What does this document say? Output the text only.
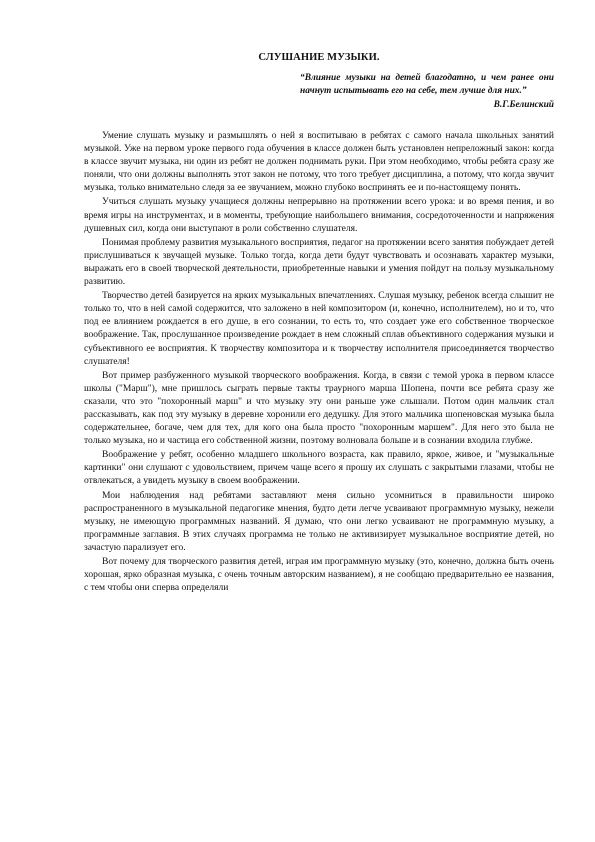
СЛУШАНИЕ МУЗЫКИ.
“Влияние музыки на детей благодатно, и чем ранее они начнут испытывать его на себе, тем лучше для них.”
В.Г.Белинский

Умение слушать музыку и размышлять о ней я воспитываю в ребятах с самого начала школьных занятий музыкой. Уже на первом уроке первого года обучения в классе должен быть установлен непреложный закон: когда в классе звучит музыка, ни один из ребят не должен поднимать руки. При этом необходимо, чтобы ребята сразу же поняли, что они должны выполнять этот закон не потому, что того требует дисциплина, а потому, что когда звучит музыка, только внимательно следя за ее звучанием, можно глубоко воспринять ее и по-настоящему понять.

Учиться слушать музыку учащиеся должны непрерывно на протяжении всего урока: и во время пения, и во время игры на инструментах, и в моменты, требующие наибольшего внимания, сосредоточенности и напряжения душевных сил, когда они выступают в роли собственно слушателя.

Понимая проблему развития музыкального восприятия, педагог на протяжении всего занятия побуждает детей прислушиваться к звучащей музыке. Только тогда, когда дети будут чувствовать и осознавать характер музыки, выражать его в своей творческой деятельности, приобретенные навыки и умения пойдут на пользу музыкальному развитию.

Творчество детей базируется на ярких музыкальных впечатлениях. Слушая музыку, ребенок всегда слышит не только то, что в ней самой содержится, что заложено в ней композитором (и, конечно, исполнителем), но и то, что под ее влиянием рождается в его душе, в его сознании, то есть то, что создает уже его собственное творческое воображение. Так, прослушанное произведение рождает в нем сложный сплав объективного содержания музыки и субъективного ее восприятия. К творчеству композитора и к творчеству исполнителя присоединяется творчество слушателя!

Вот пример разбуженного музыкой творческого воображения. Когда, в связи с темой урока в первом классе школы ("Марш"), мне пришлось сыграть первые такты траурного марша Шопена, почти все ребята сразу же сказали, что это "похоронный марш" и что музыку эту они раньше уже слышали. Потом один мальчик стал рассказывать, как под эту музыку в деревне хоронили его дедушку. Для этого мальчика шопеновская музыка была содержательнее, богаче, чем для тех, для кого она была просто "похоронным маршем". Для него это была не только музыка, но и частица его собственной жизни, поэтому волновала больше и в сознании входила глубже.

Воображение у ребят, особенно младшего школьного возраста, как правило, яркое, живое, и "музыкальные картинки" они слушают с удовольствием, причем чаще всего я прошу их слушать с закрытыми глазами, чтобы не отвлекаться, а увидеть музыку в своем воображении.

Мои наблюдения над ребятами заставляют меня сильно усомниться в правильности широко распространенного в музыкальной педагогике мнения, будто дети легче усваивают программную музыку, нежели музыку, не имеющую программных названий. Я думаю, что они легко усваивают не программную музыку, а программные заглавия. В этих случаях программа не только не активизирует музыкальное восприятие детей, но зачастую парализует его.

Вот почему для творческого развития детей, играя им программную музыку (это, конечно, должна быть очень хорошая, ярко образная музыка, с очень точным авторским названием), я не сообщаю предварительно ее названия, с тем чтобы они сперва определяли
